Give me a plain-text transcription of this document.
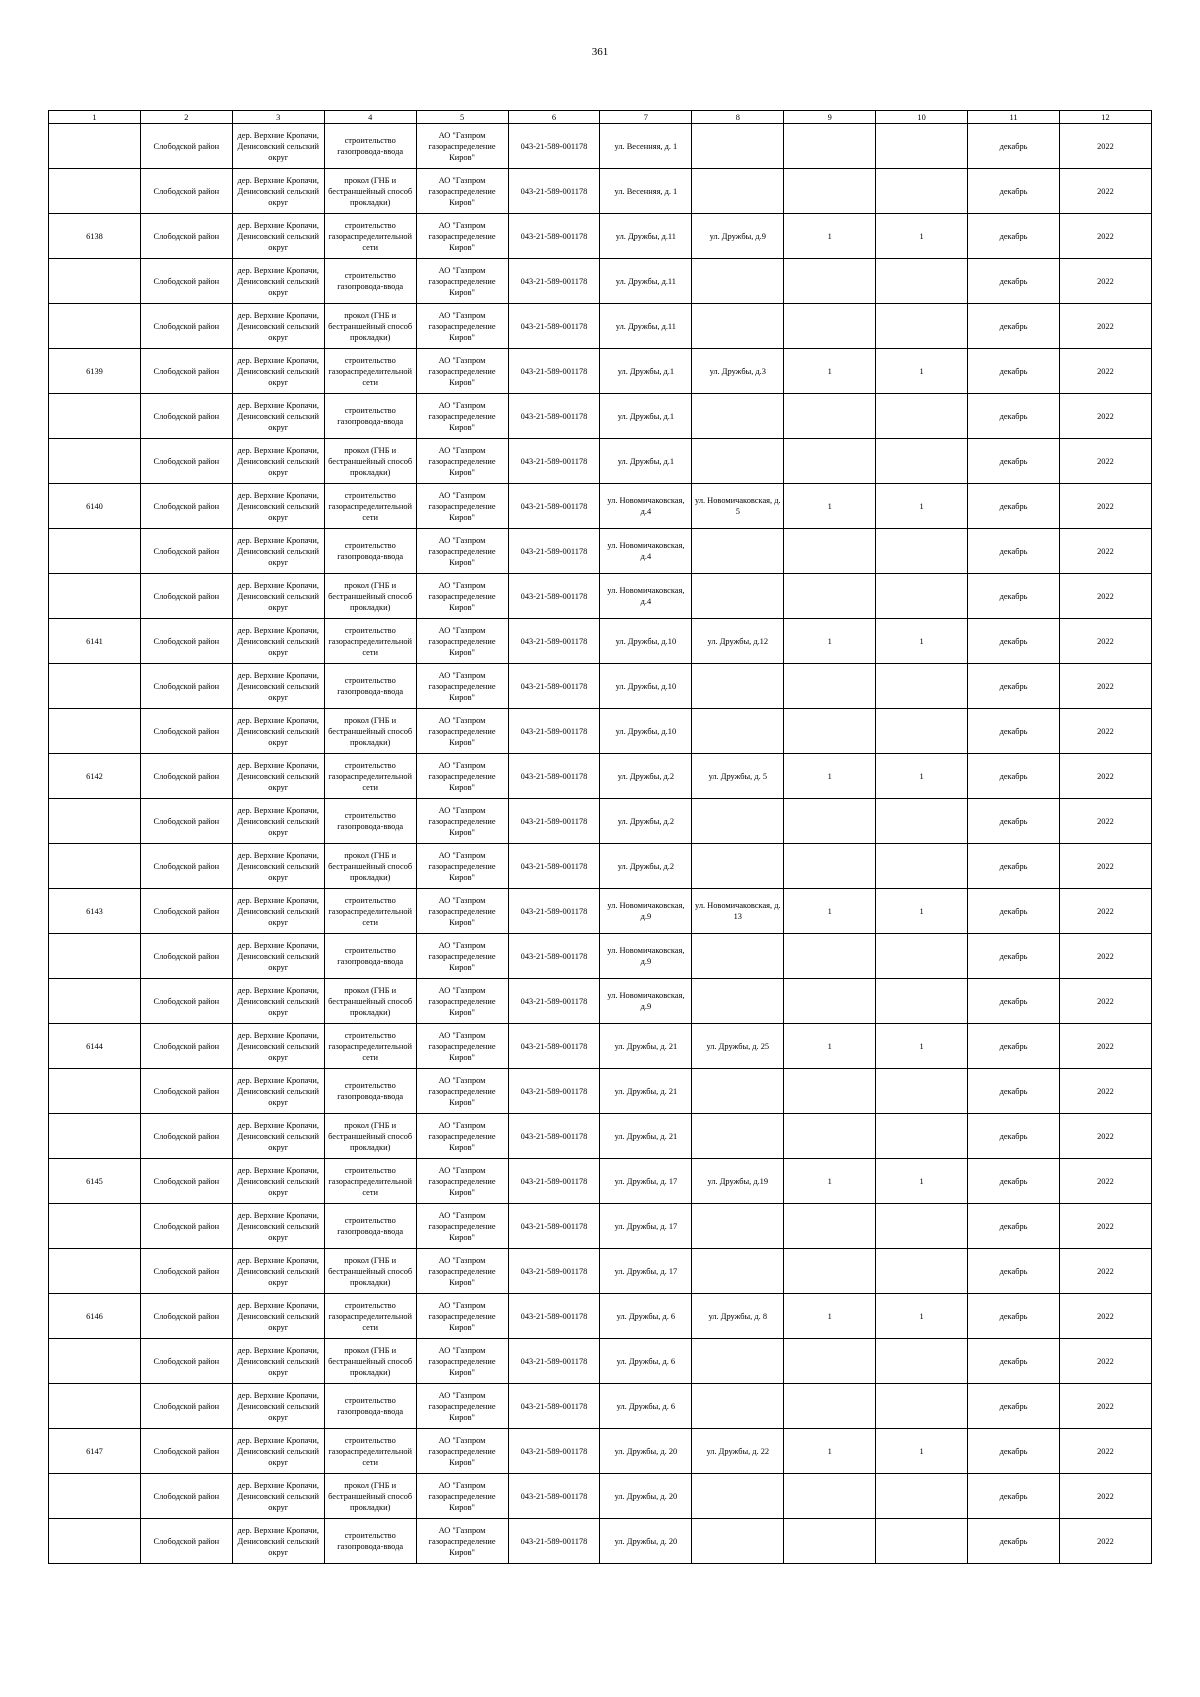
361
1	2	3	4	5	6	7	8	9	10	11	12
	Слободской район	дер. Верхние Кропачи, Денисовский сельский округ	строительство газопровода-ввода	АО "Газпром газораспределение Киров"	043-21-589-001178	ул. Весенняя, д. 1				декабрь	2022
	Слободской район	дер. Верхние Кропачи, Денисовский сельский округ	прокол (ГНБ и бестраншейный способ прокладки)	АО "Газпром газораспределение Киров"	043-21-589-001178	ул. Весенняя, д. 1				декабрь	2022
6138	Слободской район	дер. Верхние Кропачи, Денисовский сельский округ	строительство газораспределительной сети	АО "Газпром газораспределение Киров"	043-21-589-001178	ул. Дружбы, д.11	ул. Дружбы, д.9	1	1	декабрь	2022
	Слободской район	дер. Верхние Кропачи, Денисовский сельский округ	строительство газопровода-ввода	АО "Газпром газораспределение Киров"	043-21-589-001178	ул. Дружбы, д.11				декабрь	2022
	Слободской район	дер. Верхние Кропачи, Денисовский сельский округ	прокол (ГНБ и бестраншейный способ прокладки)	АО "Газпром газораспределение Киров"	043-21-589-001178	ул. Дружбы, д.11				декабрь	2022
6139	Слободской район	дер. Верхние Кропачи, Денисовский сельский округ	строительство газораспределительной сети	АО "Газпром газораспределение Киров"	043-21-589-001178	ул. Дружбы, д.1	ул. Дружбы, д.3	1	1	декабрь	2022
	Слободской район	дер. Верхние Кропачи, Денисовский сельский округ	строительство газопровода-ввода	АО "Газпром газораспределение Киров"	043-21-589-001178	ул. Дружбы, д.1				декабрь	2022
	Слободской район	дер. Верхние Кропачи, Денисовский сельский округ	прокол (ГНБ и бестраншейный способ прокладки)	АО "Газпром газораспределение Киров"	043-21-589-001178	ул. Дружбы, д.1				декабрь	2022
6140	Слободской район	дер. Верхние Кропачи, Денисовский сельский округ	строительство газораспределительной сети	АО "Газпром газораспределение Киров"	043-21-589-001178	ул. Новомичаковская, д.4	ул. Новомичаковская, д. 5	1	1	декабрь	2022
	Слободской район	дер. Верхние Кропачи, Денисовский сельский округ	строительство газопровода-ввода	АО "Газпром газораспределение Киров"	043-21-589-001178	ул. Новомичаковская, д.4				декабрь	2022
	Слободской район	дер. Верхние Кропачи, Денисовский сельский округ	прокол (ГНБ и бестраншейный способ прокладки)	АО "Газпром газораспределение Киров"	043-21-589-001178	ул. Новомичаковская, д.4				декабрь	2022
6141	Слободской район	дер. Верхние Кропачи, Денисовский сельский округ	строительство газораспределительной сети	АО "Газпром газораспределение Киров"	043-21-589-001178	ул. Дружбы, д.10	ул. Дружбы, д.12	1	1	декабрь	2022
	Слободской район	дер. Верхние Кропачи, Денисовский сельский округ	строительство газопровода-ввода	АО "Газпром газораспределение Киров"	043-21-589-001178	ул. Дружбы, д.10				декабрь	2022
	Слободской район	дер. Верхние Кропачи, Денисовский сельский округ	прокол (ГНБ и бестраншейный способ прокладки)	АО "Газпром газораспределение Киров"	043-21-589-001178	ул. Дружбы, д.10				декабрь	2022
6142	Слободской район	дер. Верхние Кропачи, Денисовский сельский округ	строительство газораспределительной сети	АО "Газпром газораспределение Киров"	043-21-589-001178	ул. Дружбы, д.2	ул. Дружбы, д. 5	1	1	декабрь	2022
	Слободской район	дер. Верхние Кропачи, Денисовский сельский округ	строительство газопровода-ввода	АО "Газпром газораспределение Киров"	043-21-589-001178	ул. Дружбы, д.2				декабрь	2022
	Слободской район	дер. Верхние Кропачи, Денисовский сельский округ	прокол (ГНБ и бестраншейный способ прокладки)	АО "Газпром газораспределение Киров"	043-21-589-001178	ул. Дружбы, д.2				декабрь	2022
6143	Слободской район	дер. Верхние Кропачи, Денисовский сельский округ	строительство газораспределительной сети	АО "Газпром газораспределение Киров"	043-21-589-001178	ул. Новомичаковская, д.9	ул. Новомичаковская, д. 13	1	1	декабрь	2022
	Слободской район	дер. Верхние Кропачи, Денисовский сельский округ	строительство газопровода-ввода	АО "Газпром газораспределение Киров"	043-21-589-001178	ул. Новомичаковская, д.9				декабрь	2022
	Слободской район	дер. Верхние Кропачи, Денисовский сельский округ	прокол (ГНБ и бестраншейный способ прокладки)	АО "Газпром газораспределение Киров"	043-21-589-001178	ул. Новомичаковская, д.9				декабрь	2022
6144	Слободской район	дер. Верхние Кропачи, Денисовский сельский округ	строительство газораспределительной сети	АО "Газпром газораспределение Киров"	043-21-589-001178	ул. Дружбы, д. 21	ул. Дружбы, д. 25	1	1	декабрь	2022
	Слободской район	дер. Верхние Кропачи, Денисовский сельский округ	строительство газопровода-ввода	АО "Газпром газораспределение Киров"	043-21-589-001178	ул. Дружбы, д. 21				декабрь	2022
	Слободской район	дер. Верхние Кропачи, Денисовский сельский округ	прокол (ГНБ и бестраншейный способ прокладки)	АО "Газпром газораспределение Киров"	043-21-589-001178	ул. Дружбы, д. 21				декабрь	2022
6145	Слободской район	дер. Верхние Кропачи, Денисовский сельский округ	строительство газораспределительной сети	АО "Газпром газораспределение Киров"	043-21-589-001178	ул. Дружбы, д. 17	ул. Дружбы, д.19	1	1	декабрь	2022
	Слободской район	дер. Верхние Кропачи, Денисовский сельский округ	строительство газопровода-ввода	АО "Газпром газораспределение Киров"	043-21-589-001178	ул. Дружбы, д. 17				декабрь	2022
	Слободской район	дер. Верхние Кропачи, Денисовский сельский округ	прокол (ГНБ и бестраншейный способ прокладки)	АО "Газпром газораспределение Киров"	043-21-589-001178	ул. Дружбы, д. 17				декабрь	2022
6146	Слободской район	дер. Верхние Кропачи, Денисовский сельский округ	строительство газораспределительной сети	АО "Газпром газораспределение Киров"	043-21-589-001178	ул. Дружбы, д. 6	ул. Дружбы, д. 8	1	1	декабрь	2022
	Слободской район	дер. Верхние Кропачи, Денисовский сельский округ	прокол (ГНБ и бестраншейный способ прокладки)	АО "Газпром газораспределение Киров"	043-21-589-001178	ул. Дружбы, д. 6				декабрь	2022
	Слободской район	дер. Верхние Кропачи, Денисовский сельский округ	строительство газопровода-ввода	АО "Газпром газораспределение Киров"	043-21-589-001178	ул. Дружбы, д. 6				декабрь	2022
6147	Слободской район	дер. Верхние Кропачи, Денисовский сельский округ	строительство газораспределительной сети	АО "Газпром газораспределение Киров"	043-21-589-001178	ул. Дружбы, д. 20	ул. Дружбы, д. 22	1	1	декабрь	2022
	Слободской район	дер. Верхние Кропачи, Денисовский сельский округ	прокол (ГНБ и бестраншейный способ прокладки)	АО "Газпром газораспределение Киров"	043-21-589-001178	ул. Дружбы, д. 20				декабрь	2022
	Слободской район	дер. Верхние Кропачи, Денисовский сельский округ	строительство газопровода-ввода	АО "Газпром газораспределение Киров"	043-21-589-001178	ул. Дружбы, д. 20				декабрь	2022
